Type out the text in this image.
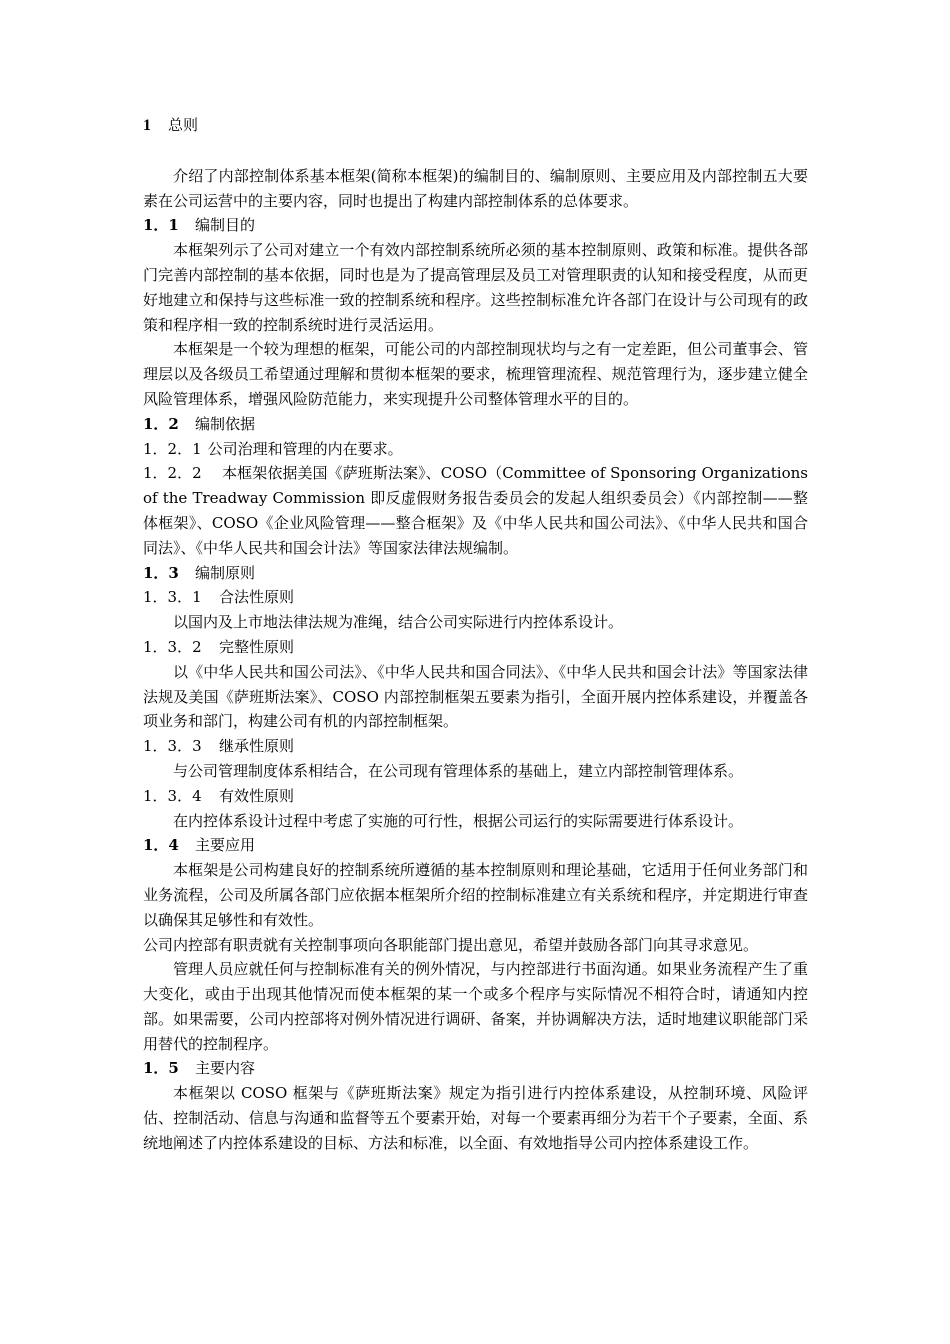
1 总则

介绍了内部控制体系基本框架(简称本框架)的编制目的、编制原则、主要应用及内部控制五大要素在公司运营中的主要内容，同时也提出了构建内部控制体系的总体要求。

1．1 编制目的

本框架列示了公司对建立一个有效内部控制系统所必须的基本控制原则、政策和标准。提供各部门完善内部控制的基本依据，同时也是为了提高管理层及员工对管理职责的认知和接受程度，从而更好地建立和保持与这些标准一致的控制系统和程序。这些控制标准允许各部门在设计与公司现有的政策和程序相一致的控制系统时进行灵活运用。

本框架是一个较为理想的框架，可能公司的内部控制现状均与之有一定差距，但公司董事会、管理层以及各级员工希望通过理解和贯彻本框架的要求，梳理管理流程、规范管理行为，逐步建立健全风险管理体系，增强风险防范能力，来实现提升公司整体管理水平的目的。

1．2 编制依据
1．2．1 公司治理和管理的内在要求。

1．2．2 本框架依据美国《萨班斯法案》、COSO（Committee of Sponsoring Organizations of the Treadway Commission 即反虚假财务报告委员会的发起人组织委员会）《内部控制——整体框架》、COSO《企业风险管理——整合框架》及《中华人民共和国公司法》、《中华人民共和国合同法》、《中华人民共和国会计法》等国家法律法规编制。

1．3 编制原则
1．3．1 合法性原则

以国内及上市地法律法规为准绳，结合公司实际进行内控体系设计。

1．3．2 完整性原则

以《中华人民共和国公司法》、《中华人民共和国合同法》、《中华人民共和国会计法》等国家法律法规及美国《萨班斯法案》、COSO 内部控制框架五要素为指引，全面开展内控体系建设，并覆盖各项业务和部门，构建公司有机的内部控制框架。

1．3．3 继承性原则

与公司管理制度体系相结合，在公司现有管理体系的基础上，建立内部控制管理体系。

1．3．4 有效性原则

在内控体系设计过程中考虑了实施的可行性，根据公司运行的实际需要进行体系设计。

1．4 主要应用

本框架是公司构建良好的控制系统所遵循的基本控制原则和理论基础，它适用于任何业务部门和业务流程，公司及所属各部门应依据本框架所介绍的控制标准建立有关系统和程序，并定期进行审查以确保其足够性和有效性。

公司内控部有职责就有关控制事项向各职能部门提出意见，希望并鼓励各部门向其寻求意见。

管理人员应就任何与控制标准有关的例外情况，与内控部进行书面沟通。如果业务流程产生了重大变化，或由于出现其他情况而使本框架的某一个或多个程序与实际情况不相符合时，请通知内控部。如果需要，公司内控部将对例外情况进行调研、备案，并协调解决方法，适时地建议职能部门采用替代的控制程序。

1．5 主要内容

本框架以 COSO 框架与《萨班斯法案》规定为指引进行内控体系建设，从控制环境、风险评估、控制活动、信息与沟通和监督等五个要素开始，对每一个要素再细分为若干个子要素，全面、系统地阐述了内控体系建设的目标、方法和标准，以全面、有效地指导公司内控体系建设工作。
